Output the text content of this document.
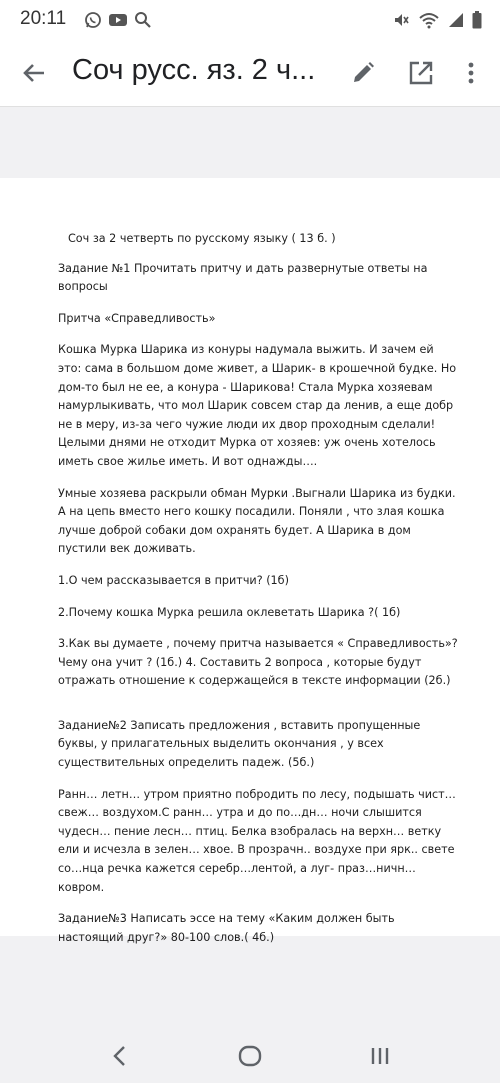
20:11
Соч русс. яз. 2 ч...

Соч за 2 четверть по русскому языку ( 13 б. )

Задание №1 Прочитать притчу и дать развернутые ответы на вопросы

Притча «Справедливость»

Кошка Мурка Шарика из конуры надумала выжить. И зачем ей это: сама в большом доме живет, а Шарик- в крошечной будке. Но дом-то был не ее, а конура - Шарикова! Стала Мурка хозяевам намурлыкивать, что мол Шарик совсем стар да ленив, а еще добр не в меру, из-за чего чужие люди их двор проходным сделали! Целыми днями не отходит Мурка от хозяев: уж очень хотелось иметь свое жилье иметь. И вот однажды….

Умные хозяева раскрыли обман Мурки .Выгнали Шарика из будки. А на цепь вместо него кошку посадили. Поняли , что злая кошка лучше доброй собаки дом охранять будет. А Шарика в дом пустили век доживать.

1.О чем рассказывается в притчи? (1б)

2.Почему кошка Мурка решила оклеветать Шарика ?( 1б)

3.Как вы думаете , почему притча называется « Справедливость»? Чему она учит ? (1б.) 4. Составить 2 вопроса , которые будут отражать отношение к содержащейся в тексте информации (2б.)

Задание№2 Записать предложения , вставить пропущенные буквы, у прилагательных выделить окончания , у всех существительных определить падеж. (5б.)

Ранн… летн… утром приятно побродить по лесу, подышать чист… свеж… воздухом.С ранн… утра и до по…дн… ночи слышится чудесн… пение лесн… птиц. Белка взобралась на верхн… ветку ели и исчезла в зелен… хвое. В прозрачн.. воздухе при ярк.. свете со…нца речка кажется серебр…лентой, а луг- праз…ничн… ковром.

Задание№3 Написать эссе на тему «Каким должен быть настоящий друг?» 80-100 слов.( 4б.)
